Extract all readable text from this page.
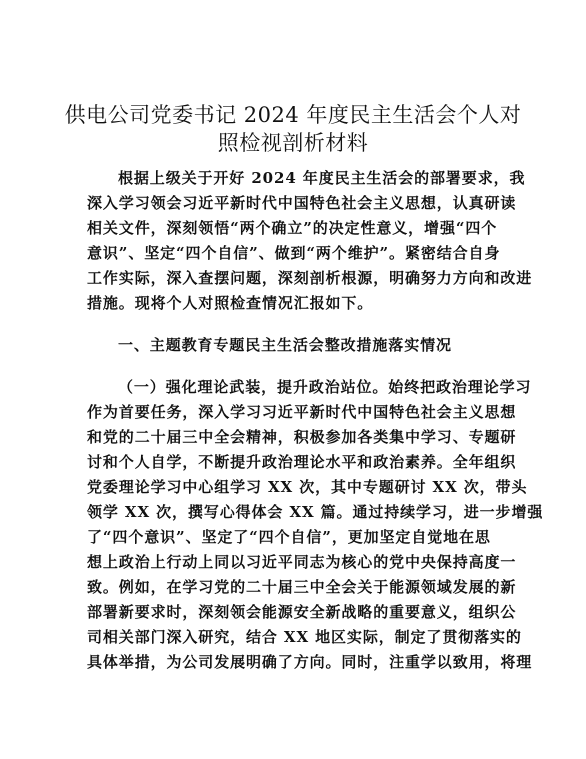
供电公司党委书记 2024 年度民主生活会个人对
照检视剖析材料
根据上级关于开好 2024 年度民主生活会的部署要求，我
深入学习领会习近平新时代中国特色社会主义思想，认真研读
相关文件，深刻领悟“两个确立”的决定性意义，增强“四个
意识”、坚定“四个自信”、做到“两个维护”。紧密结合自身
工作实际，深入查摆问题，深刻剖析根源，明确努力方向和改进
措施。现将个人对照检查情况汇报如下。
一、主题教育专题民主生活会整改措施落实情况
（一）强化理论武装，提升政治站位。始终把政治理论学习
作为首要任务，深入学习习近平新时代中国特色社会主义思想
和党的二十届三中全会精神，积极参加各类集中学习、专题研
讨和个人自学，不断提升政治理论水平和政治素养。全年组织
党委理论学习中心组学习 XX 次，其中专题研讨 XX 次，带头
领学 XX 次，撰写心得体会 XX 篇。通过持续学习，进一步增强
了“四个意识”、坚定了“四个自信”，更加坚定自觉地在思
想上政治上行动上同以习近平同志为核心的党中央保持高度一
致。例如，在学习党的二十届三中全会关于能源领域发展的新
部署新要求时，深刻领会能源安全新战略的重要意义，组织公
司相关部门深入研究，结合 XX 地区实际，制定了贯彻落实的
具体举措，为公司发展明确了方向。同时，注重学以致用，将理
